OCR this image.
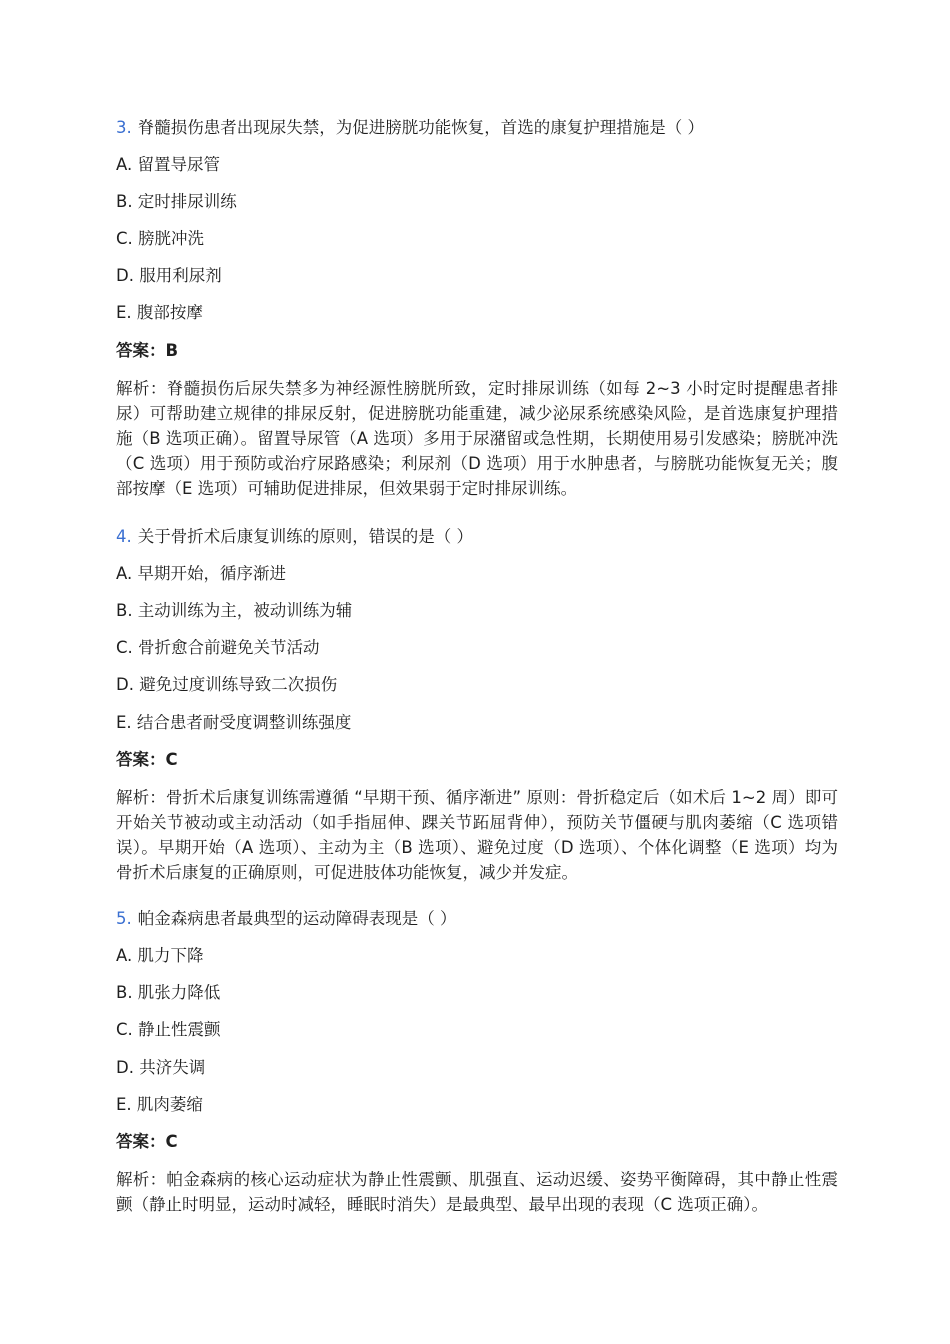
3. 脊髓损伤患者出现尿失禁，为促进膀胱功能恢复，首选的康复护理措施是（ ）
A. 留置导尿管
B. 定时排尿训练
C. 膀胱冲洗
D. 服用利尿剂
E. 腹部按摩
答案：B
解析：脊髓损伤后尿失禁多为神经源性膀胱所致，定时排尿训练（如每 2~3 小时定时提醒患者排尿）可帮助建立规律的排尿反射，促进膀胱功能重建，减少泌尿系统感染风险，是首选康复护理措施（B 选项正确）。留置导尿管（A 选项）多用于尿潴留或急性期，长期使用易引发感染；膀胱冲洗（C 选项）用于预防或治疗尿路感染；利尿剂（D 选项）用于水肿患者，与膀胱功能恢复无关；腹部按摩（E 选项）可辅助促进排尿，但效果弱于定时排尿训练。
4. 关于骨折术后康复训练的原则，错误的是（ ）
A. 早期开始，循序渐进
B. 主动训练为主，被动训练为辅
C. 骨折愈合前避免关节活动
D. 避免过度训练导致二次损伤
E. 结合患者耐受度调整训练强度
答案：C
解析：骨折术后康复训练需遵循 “早期干预、循序渐进” 原则：骨折稳定后（如术后 1~2 周）即可开始关节被动或主动活动（如手指屈伸、踝关节跖屈背伸），预防关节僵硬与肌肉萎缩（C 选项错误）。早期开始（A 选项）、主动为主（B 选项）、避免过度（D 选项）、个体化调整（E 选项）均为骨折术后康复的正确原则，可促进肢体功能恢复，减少并发症。
5. 帕金森病患者最典型的运动障碍表现是（ ）
A. 肌力下降
B. 肌张力降低
C. 静止性震颤
D. 共济失调
E. 肌肉萎缩
答案：C
解析：帕金森病的核心运动症状为静止性震颤、肌强直、运动迟缓、姿势平衡障碍，其中静止性震颤（静止时明显，运动时减轻，睡眠时消失）是最典型、最早出现的表现（C 选项正确）。
